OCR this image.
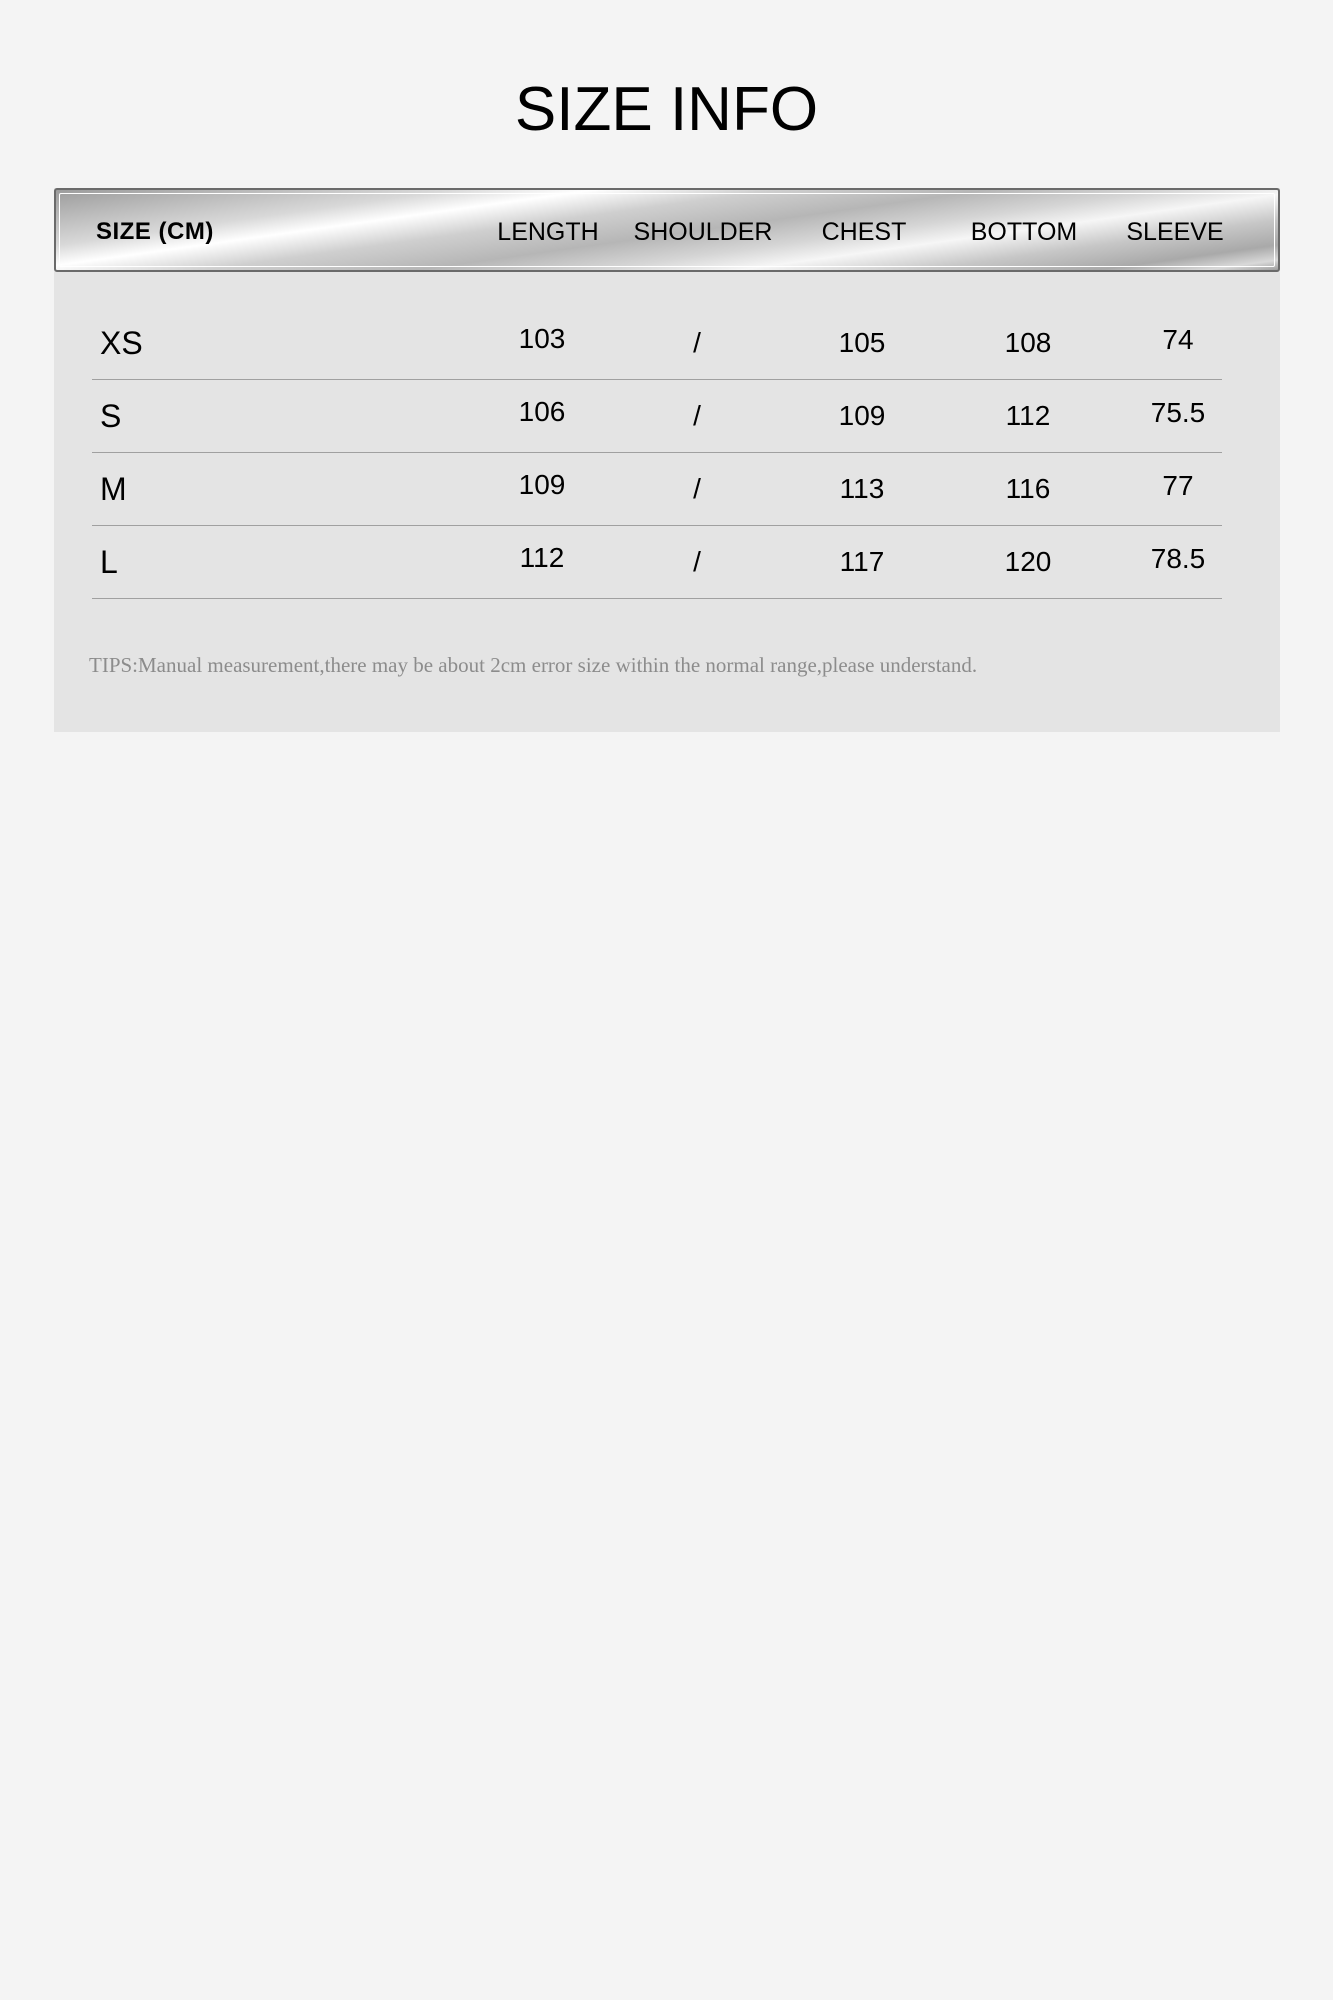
SIZE INFO
SIZE (CM)	LENGTH	SHOULDER	CHEST	BOTTOM	SLEEVE
XS	103	/	105	108	74
S	106	/	109	112	75.5
M	109	/	113	116	77
L	112	/	117	120	78.5
TIPS:Manual measurement,there may be about 2cm error size within the normal range,please understand.
